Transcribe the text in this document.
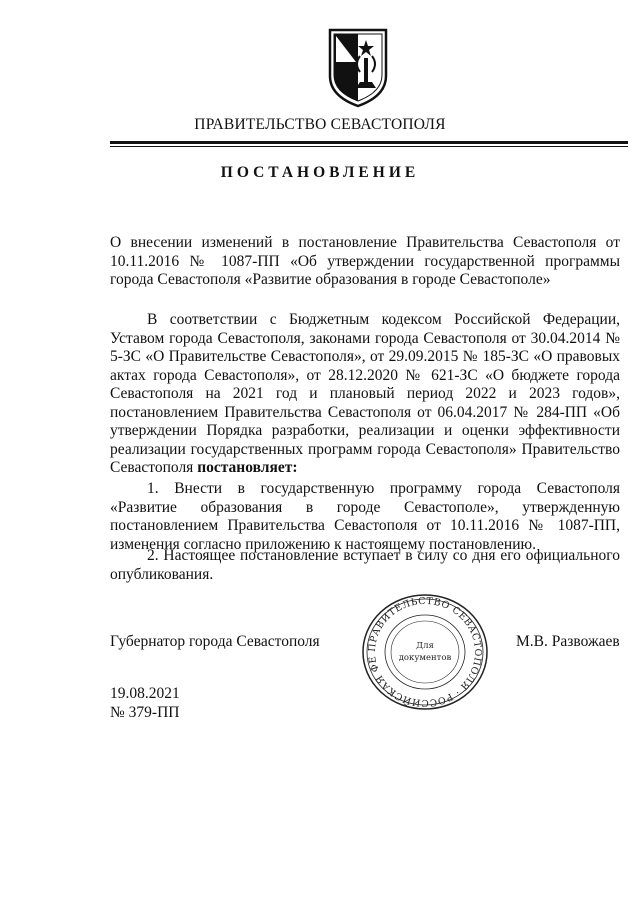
ПРАВИТЕЛЬСТВО СЕВАСТОПОЛЯ
ПОСТАНОВЛЕНИЕ
О внесении изменений в постановление Правительства Севастополя от 10.11.2016 № 1087-ПП «Об утверждении государственной программы города Севастополя «Развитие образования в городе Севастополе»
В соответствии с Бюджетным кодексом Российской Федерации, Уставом города Севастополя, законами города Севастополя от 30.04.2014 № 5-ЗС «О Правительстве Севастополя», от 29.09.2015 № 185-ЗС «О правовых актах города Севастополя», от 28.12.2020 № 621-ЗС «О бюджете города Севастополя на 2021 год и плановый период 2022 и 2023 годов», постановлением Правительства Севастополя от 06.04.2017 № 284-ПП «Об утверждении Порядка разработки, реализации и оценки эффективности реализации государственных программ города Севастополя» Правительство Севастополя постановляет:
1. Внести в государственную программу города Севастополя «Развитие образования в городе Севастополе», утвержденную постановлением Правительства Севастополя от 10.11.2016 № 1087-ПП, изменения согласно приложению к настоящему постановлению.
2. Настоящее постановление вступает в силу со дня его официального опубликования.
Губернатор города Севастополя	ПРАВИТЕЛЬСТВО СЕВАСТОПОЛЯ · РОССИЙСКАЯ ФЕ
Для
документов
М.В. Развожаев
19.08.2021
№ 379-ПП
